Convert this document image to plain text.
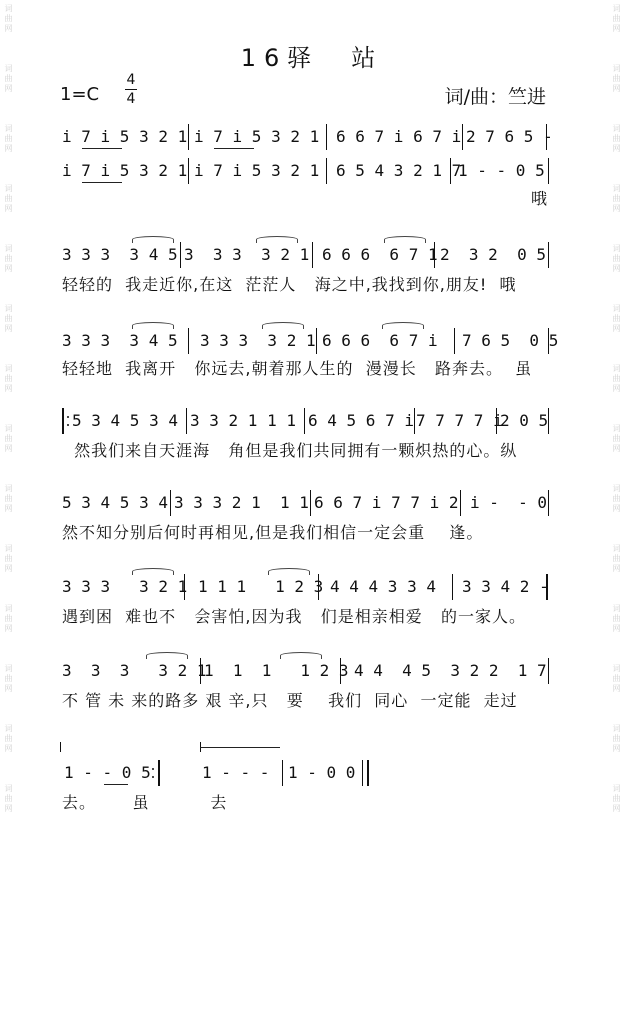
词曲网
词曲网
词曲网
词曲网
词曲网
词曲网
词曲网
词曲网
词曲网
词曲网
词曲网
词曲网
词曲网
词曲网
词曲网
词曲网
词曲网
词曲网
词曲网
词曲网
词曲网
词曲网
词曲网
词曲网
词曲网
词曲网
词曲网
词曲网
16驿　站
1=C
4
4	词/曲：竺进

i 7 i 5 3 2 1

i 7 i 5 3 2 1

6 6 7 i 6 7 i

2 7 6 5 -

i 7 i 5 3 2 1

i 7 i 5 3 2 1

6 5 4 3 2 1 7

1 - - 0 5

哦

3 3 3  3 4 5

3  3 3  3 2 1

6 6 6  6 7 1

2  3 2  0 5

轻轻的  我走近你,在这  茫茫人   海之中,我找到你,朋友!  哦

3 3 3  3 4 5

3 3 3  3 2 1

6 6 6  6 7 i

7 6 5  0 5

轻轻地  我离开   你远去,朝着那人生的  漫漫长   路奔去。  虽

5 3 4 5 3 4

3 3 2 1 1 1

6 4 5 6 7 i

7 7 7 7 i

2 0 5

然我们来自天涯海   角但是我们共同拥有一颗炽热的心。纵

5 3 4 5 3 4

3 3 3 2 1  1 1

6 6 7 i 7 7 i 2

i -  - 0

然不知分别后何时再相见,但是我们相信一定会重    逢。

3 3 3   3 2 1

1 1 1   1 2 3

4 4 4 3 3 4

3 3 4 2 -

遇到困  难也不   会害怕,因为我   们是相亲相爱   的一家人。

3  3  3   3 2 1

1  1  1   1 2 3

4 4  4 5  3 2 2  1 7

不 管 未 来的路多 艰 辛,只   要    我们  同心  一定能  走过

1 - - 0 5

	1 - - -

1 - 0 0

去。      虽          去
